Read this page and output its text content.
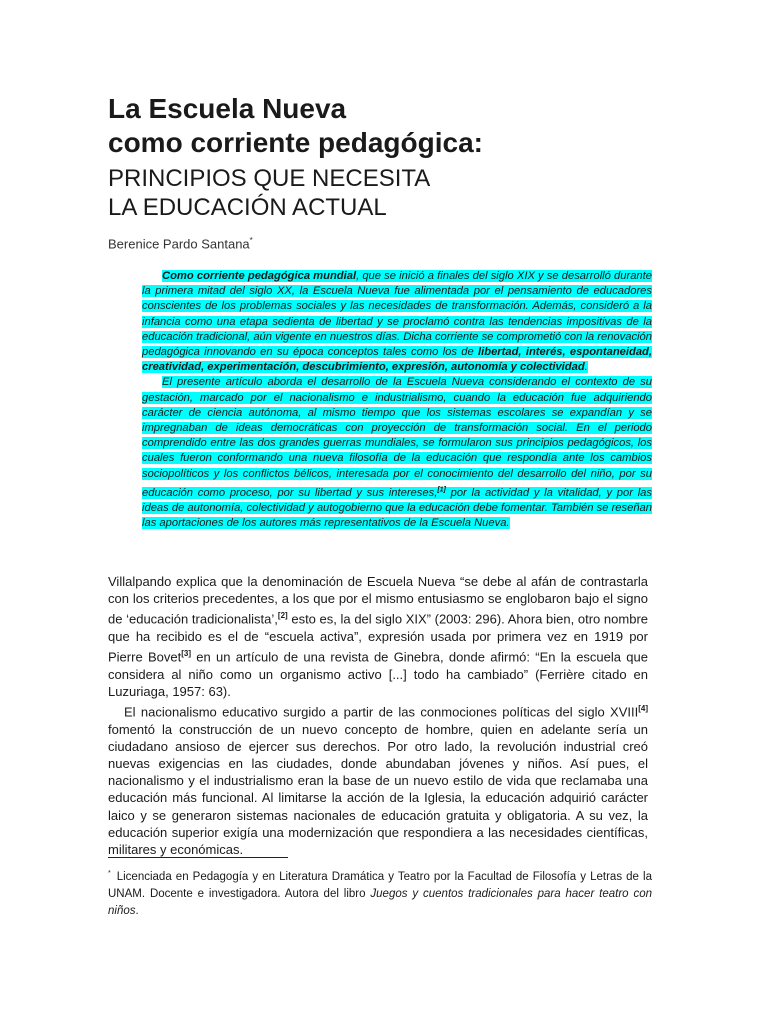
La Escuela Nueva
como corriente pedagógica:
PRINCIPIOS QUE NECESITA
LA EDUCACIÓN ACTUAL
Berenice Pardo Santana*

Como corriente pedagógica mundial, que se inició a finales del siglo XIX y se desarrolló durante la primera mitad del siglo XX, la Escuela Nueva fue alimentada por el pensamiento de educadores conscientes de los problemas sociales y las necesidades de transformación. Además, consideró a la infancia como una etapa sedienta de libertad y se proclamó contra las tendencias impositivas de la educación tradicional, aún vigente en nuestros días. Dicha corriente se comprometió con la renovación pedagógica innovando en su época conceptos tales como los de libertad, interés, espontaneidad, creatividad, experimentación, descubrimiento, expresión, autonomía y colectividad.

El presente artículo aborda el desarrollo de la Escuela Nueva considerando el contexto de su gestación, marcado por el nacionalismo e industrialismo, cuando la educación fue adquiriendo carácter de ciencia autónoma, al mismo tiempo que los sistemas escolares se expandían y se impregnaban de ideas democráticas con proyección de transformación social. En el periodo comprendido entre las dos grandes guerras mundiales, se formularon sus principios pedagógicos, los cuales fueron conformando una nueva filosofía de la educación que respondía ante los cambios sociopolíticos y los conflictos bélicos, interesada por el conocimiento del desarrollo del niño, por su educación como proceso, por su libertad y sus intereses,[1] por la actividad y la vitalidad, y por las ideas de autonomía, colectividad y autogobierno que la educación debe fomentar. También se reseñan las aportaciones de los autores más representativos de la Escuela Nueva.

Villalpando explica que la denominación de Escuela Nueva “se debe al afán de contrastarla con los criterios precedentes, a los que por el mismo entusiasmo se englobaron bajo el signo de ‘educación tradicionalista’,[2] esto es, la del siglo XIX” (2003: 296). Ahora bien, otro nombre que ha recibido es el de “escuela activa”, expresión usada por primera vez en 1919 por Pierre Bovet[3] en un artículo de una revista de Ginebra, donde afirmó: “En la escuela que considera al niño como un organismo activo [...] todo ha cambiado” (Ferrière citado en Luzuriaga, 1957: 63).

El nacionalismo educativo surgido a partir de las conmociones políticas del siglo XVIII[4] fomentó la construcción de un nuevo concepto de hombre, quien en adelante sería un ciudadano ansioso de ejercer sus derechos. Por otro lado, la revolución industrial creó nuevas exigencias en las ciudades, donde abundaban jóvenes y niños. Así pues, el nacionalismo y el industrialismo eran la base de un nuevo estilo de vida que reclamaba una educación más funcional. Al limitarse la acción de la Iglesia, la educación adquirió carácter laico y se generaron sistemas nacionales de educación gratuita y obligatoria. A su vez, la educación superior exigía una modernización que respondiera a las necesidades científicas, militares y económicas.

* Licenciada en Pedagogía y en Literatura Dramática y Teatro por la Facultad de Filosofía y Letras de la UNAM. Docente e investigadora. Autora del libro Juegos y cuentos tradicionales para hacer teatro con niños.
